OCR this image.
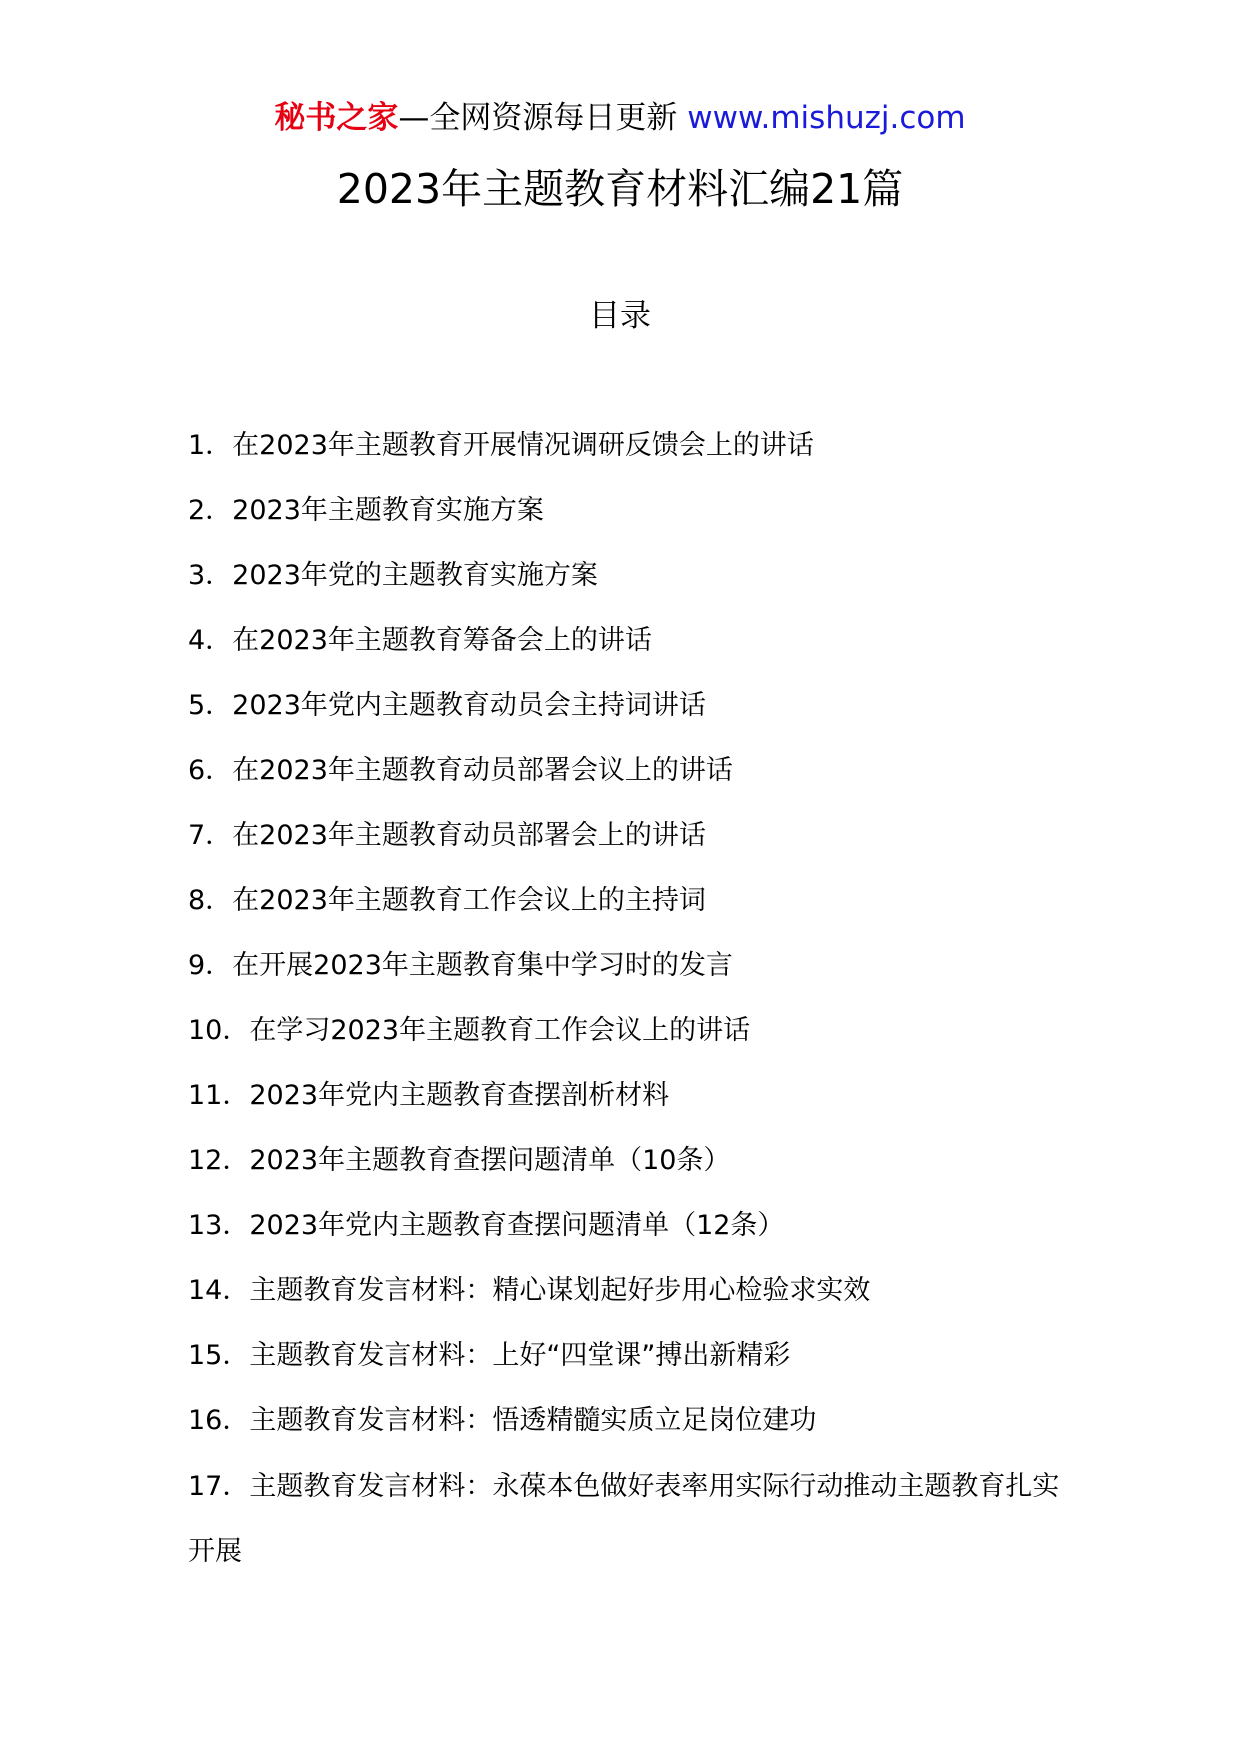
秘书之家—全网资源每日更新 www.mishuzj.com
2023年主题教育材料汇编21篇
目录
1．在2023年主题教育开展情况调研反馈会上的讲话
2．2023年主题教育实施方案
3．2023年党的主题教育实施方案
4．在2023年主题教育筹备会上的讲话
5．2023年党内主题教育动员会主持词讲话
6．在2023年主题教育动员部署会议上的讲话
7．在2023年主题教育动员部署会上的讲话
8．在2023年主题教育工作会议上的主持词
9．在开展2023年主题教育集中学习时的发言
10．在学习2023年主题教育工作会议上的讲话
11．2023年党内主题教育查摆剖析材料
12．2023年主题教育查摆问题清单（10条）
13．2023年党内主题教育查摆问题清单（12条）
14．主题教育发言材料：精心谋划起好步用心检验求实效
15．主题教育发言材料：上好“四堂课”搏出新精彩
16．主题教育发言材料：悟透精髓实质立足岗位建功
17．主题教育发言材料：永葆本色做好表率用实际行动推动主题教育扎实开展
